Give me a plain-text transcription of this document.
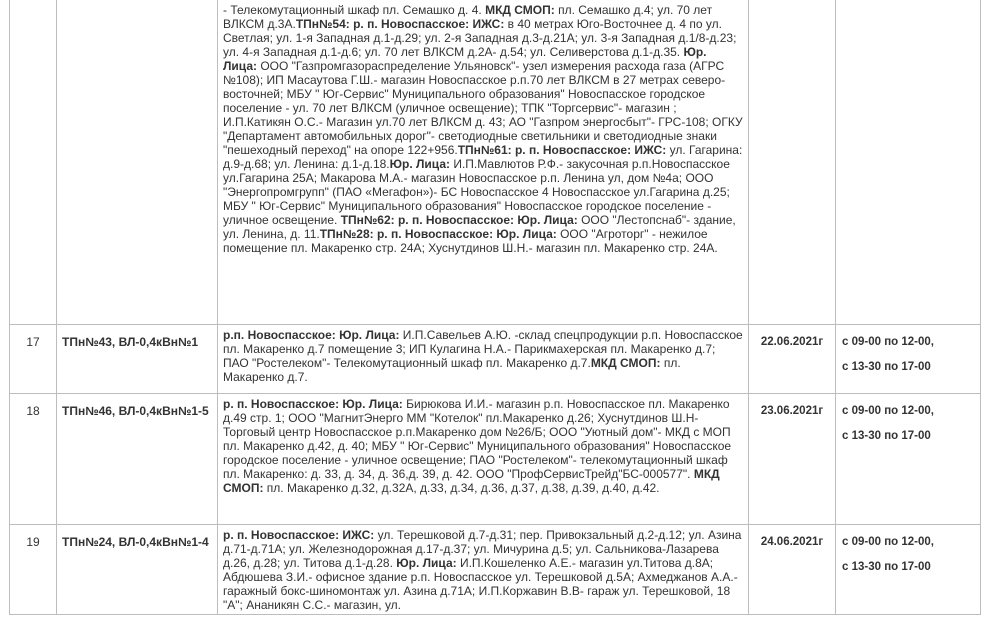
		- Телекомутационный шкаф пл. Семашко д. 4. МКД СМОП: пл. Семашко д.4; ул. 70 лет ВЛКСМ д.3А.ТПн№54: р. п. Новоспасское: ИЖС: в 40 метрах Юго-Восточнее д. 4 по ул. Светлая; ул. 1-я Западная д.1-д.29; ул. 2-я Западная д.3-д.21А; ул. 3-я Западная д.1/8-д.23; ул. 4-я Западная д.1-д.6; ул. 70 лет ВЛКСМ д.2А- д.54; ул. Селиверстова д.1-д.35. Юр. Лица: ООО "Газпромгазораспределение Ульяновск"- узел измерения расхода газа (АГРС №108); ИП Масаутова Г.Ш.- магазин Новоспасское р.п.70 лет ВЛКСМ в 27 метрах северо-восточней; МБУ " Юг-Сервис" Муниципального образования" Новоспасское городское поселение - ул. 70 лет ВЛКСМ (уличное освещение); ТПК "Торгсервис"- магазин ; И.П.Катикян О.С.- Магазин ул.70 лет ВЛКСМ д. 43; АО "Газпром энергосбыт"- ГРС-108; ОГКУ "Департамент автомобильных дорог"- светодиодные светильники и светодиодные знаки "пешеходный переход" на опоре 122+956.ТПн№61: р. п. Новоспасское: ИЖС: ул. Гагарина: д.9-д.68; ул. Ленина: д.1-д.18.Юр. Лица: И.П.Мавлютов Р.Ф.- закусочная р.п.Новоспасское ул.Гагарина 25А; Макарова М.А.- магазин Новоспасское р.п. Ленина ул, дом №4а; ООО "Энергопромгрупп" (ПАО «Мегафон»)- БС Новоспасское 4 Новоспасское ул.Гагарина д.25; МБУ " Юг-Сервис" Муниципального образования" Новоспасское городское поселение - уличное освещение. ТПн№62: р. п. Новоспасское: Юр. Лица: ООО "Лестопснаб"- здание, ул. Ленина, д. 11.ТПн№28: р. п. Новоспасское: Юр. Лица: ООО "Агроторг" - нежилое помещение пл. Макаренко стр. 24А; Хуснутдинов Ш.Н.- магазин пл. Макаренко стр. 24А.		
17	ТПн№43, ВЛ-0,4кВн№1	р.п. Новоспасское: Юр. Лица: И.П.Савельев А.Ю. -склад спецпродукции р.п. Новоспасское пл. Макаренко д.7 помещение 3; ИП Кулагина Н.А.- Парикмахерская пл. Макаренко д.7; ПАО "Ростелеком"- Телекомутационный шкаф пл. Макаренко д.7.МКД СМОП: пл. Макаренко д.7.	22.06.2021г	с 09-00 по 12-00,
с 13-30 по 17-00

18	ТПн№46, ВЛ-0,4кВн№1-5	р. п. Новоспасское: Юр. Лица: Бирюкова И.И.- магазин р.п. Новоспасское пл. Макаренко д.49 стр. 1; ООО "МагнитЭнерго ММ "Котелок" пл.Макаренко д.26; Хуснутдинов Ш.Н- Торговый центр Новоспасское р.п.Макаренко дом №26/Б; ООО "Уютный дом"- МКД с МОП пл. Макаренко д.42, д. 40; МБУ " Юг-Сервис" Муниципального образования" Новоспасское городское поселение - уличное освещение; ПАО "Ростелеком"- телекомутационный шкаф пл. Макаренко: д. 33, д. 34, д. 36,д. 39, д. 42. ООО "ПрофСервисТрейд"БС-000577". МКД СМОП: пл. Макаренко д.32, д.32А, д.33, д.34, д.36, д.37, д.38, д.39, д.40, д.42.	23.06.2021г	с 09-00 по 12-00,
с 13-30 по 17-00

19	ТПн№24, ВЛ-0,4кВн№1-4	р. п. Новоспасское: ИЖС: ул. Терешковой д.7-д.31; пер. Привокзальный д.2-д.12; ул. Азина д.71-д.71А; ул. Железнодорожная д.17-д.37; ул. Мичурина д.5; ул. Сальникова-Лазарева д.26, д.28; ул. Титова д.1-д.28. Юр. Лица: И.П.Кошеленко А.Е.- магазин ул.Титова д.8А; Абдюшева З.И.- офисное здание р.п. Новоспасское ул. Терешковой д.5А; Ахмеджанов А.А.- гаражный бокс-шиномонтаж ул. Азина д.71А; И.П.Коржавин В.В- гараж ул. Терешковой, 18 "А"; Ананикян С.С.- магазин, ул.	24.06.2021г	с 09-00 по 12-00,
с 13-30 по 17-00
